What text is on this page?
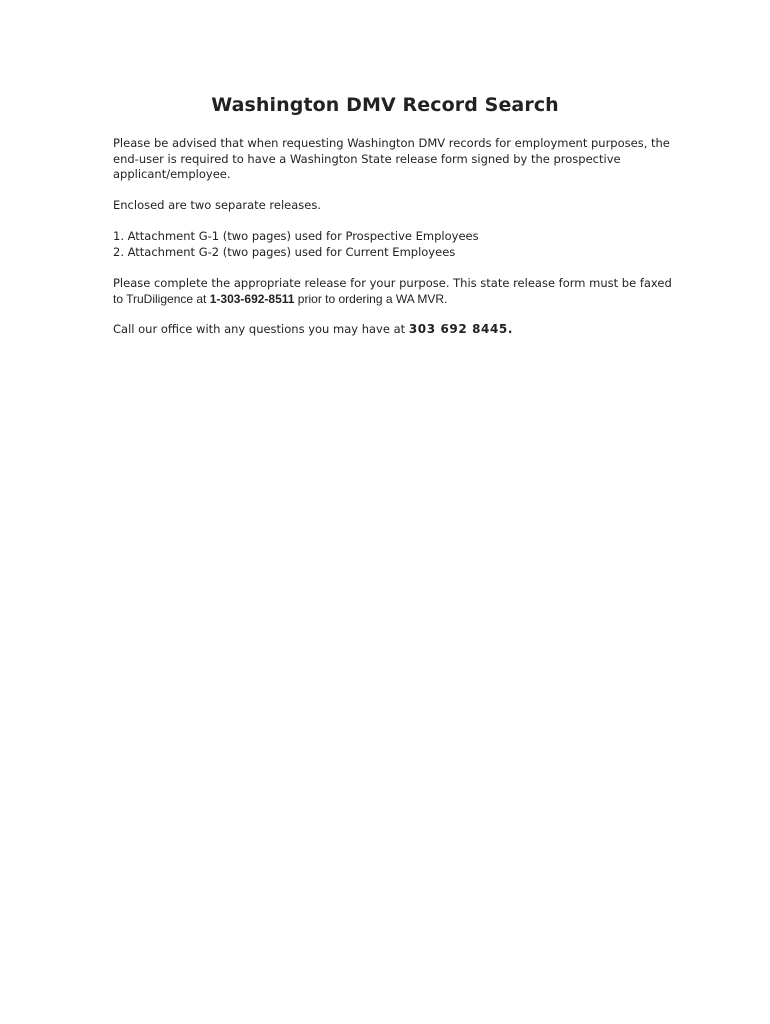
Washington DMV Record Search

Please be advised that when requesting Washington DMV records for employment purposes, the
end-user is required to have a Washington State release form signed by the prospective
applicant/employee.

Enclosed are two separate releases.

1. Attachment G-1 (two pages) used for Prospective Employees
2. Attachment G-2 (two pages) used for Current Employees

Please complete the appropriate release for your purpose. This state release form must be faxed
to TruDiligence at 1-303-692-8511 prior to ordering a WA MVR.

Call our office with any questions you may have at 303 692 8445.
